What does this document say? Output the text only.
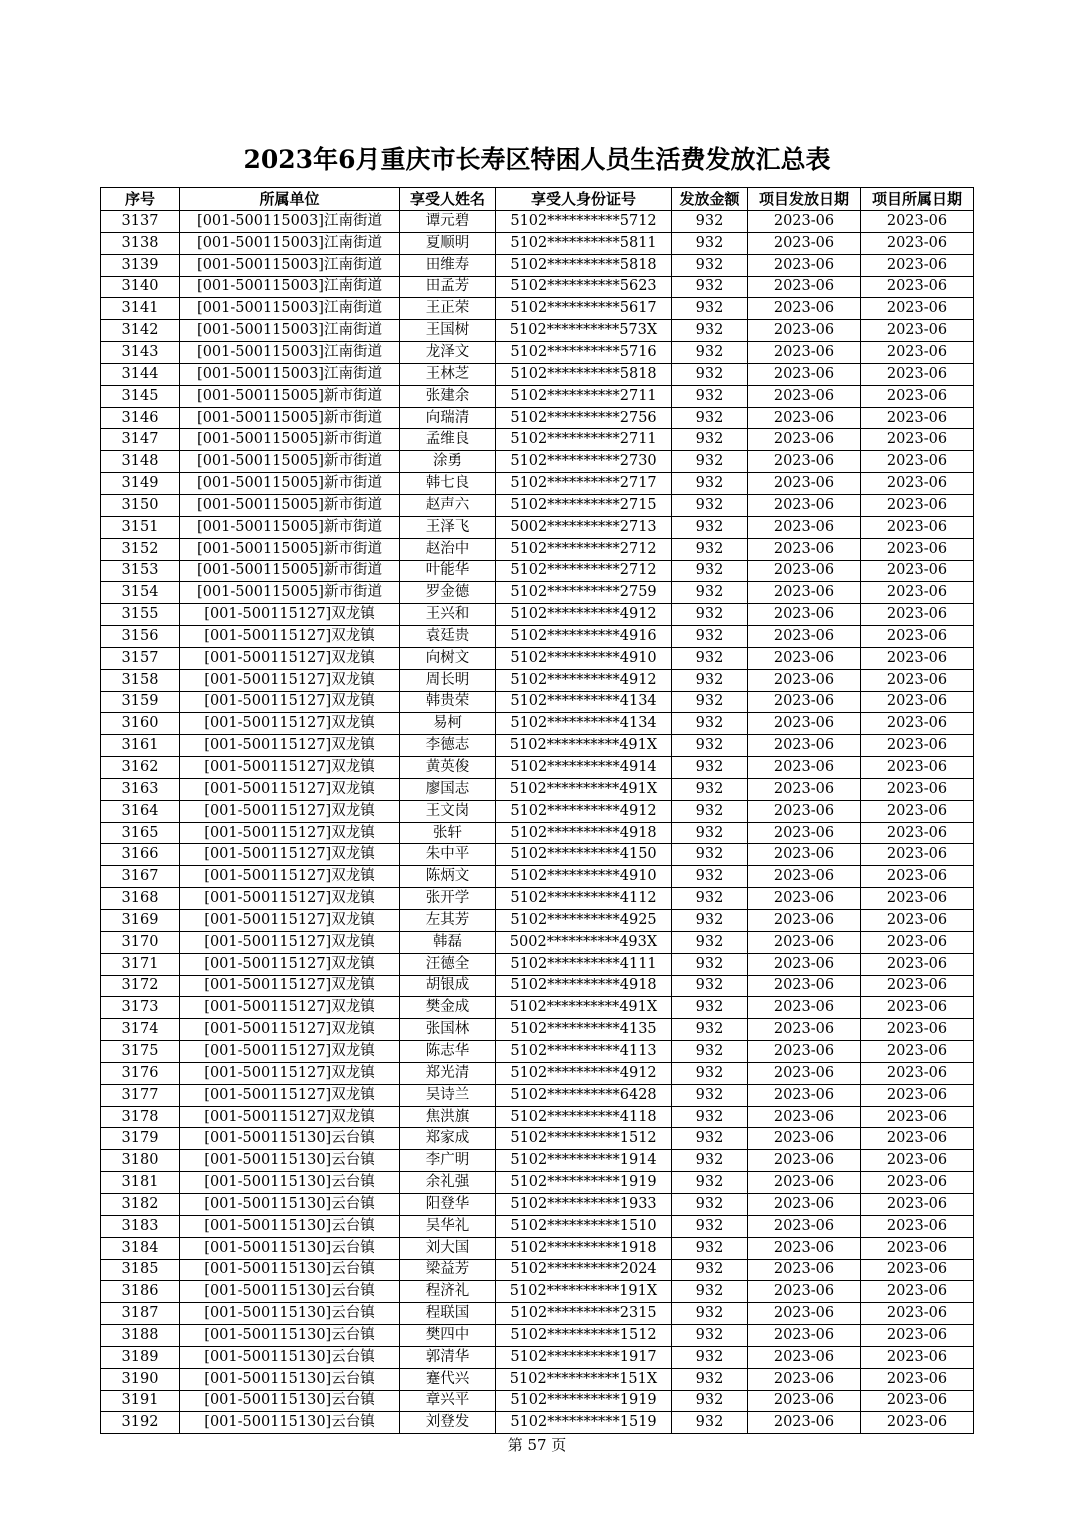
2023年6月重庆市长寿区特困人员生活费发放汇总表
序号	所属单位	享受人姓名	享受人身份证号	发放金额	项目发放日期	项目所属日期
3137	[001-500115003]江南街道	谭元碧	5102**********5712	932	2023-06	2023-06
3138	[001-500115003]江南街道	夏顺明	5102**********5811	932	2023-06	2023-06
3139	[001-500115003]江南街道	田维寿	5102**********5818	932	2023-06	2023-06
3140	[001-500115003]江南街道	田孟芳	5102**********5623	932	2023-06	2023-06
3141	[001-500115003]江南街道	王正荣	5102**********5617	932	2023-06	2023-06
3142	[001-500115003]江南街道	王国树	5102**********573X	932	2023-06	2023-06
3143	[001-500115003]江南街道	龙泽文	5102**********5716	932	2023-06	2023-06
3144	[001-500115003]江南街道	王林芝	5102**********5818	932	2023-06	2023-06
3145	[001-500115005]新市街道	张建余	5102**********2711	932	2023-06	2023-06
3146	[001-500115005]新市街道	向瑞清	5102**********2756	932	2023-06	2023-06
3147	[001-500115005]新市街道	孟维良	5102**********2711	932	2023-06	2023-06
3148	[001-500115005]新市街道	涂勇	5102**********2730	932	2023-06	2023-06
3149	[001-500115005]新市街道	韩七良	5102**********2717	932	2023-06	2023-06
3150	[001-500115005]新市街道	赵声六	5102**********2715	932	2023-06	2023-06
3151	[001-500115005]新市街道	王泽飞	5002**********2713	932	2023-06	2023-06
3152	[001-500115005]新市街道	赵治中	5102**********2712	932	2023-06	2023-06
3153	[001-500115005]新市街道	叶能华	5102**********2712	932	2023-06	2023-06
3154	[001-500115005]新市街道	罗金德	5102**********2759	932	2023-06	2023-06
3155	[001-500115127]双龙镇	王兴和	5102**********4912	932	2023-06	2023-06
3156	[001-500115127]双龙镇	袁廷贵	5102**********4916	932	2023-06	2023-06
3157	[001-500115127]双龙镇	向树文	5102**********4910	932	2023-06	2023-06
3158	[001-500115127]双龙镇	周长明	5102**********4912	932	2023-06	2023-06
3159	[001-500115127]双龙镇	韩贵荣	5102**********4134	932	2023-06	2023-06
3160	[001-500115127]双龙镇	易柯	5102**********4134	932	2023-06	2023-06
3161	[001-500115127]双龙镇	李德志	5102**********491X	932	2023-06	2023-06
3162	[001-500115127]双龙镇	黄英俊	5102**********4914	932	2023-06	2023-06
3163	[001-500115127]双龙镇	廖国志	5102**********491X	932	2023-06	2023-06
3164	[001-500115127]双龙镇	王文岗	5102**********4912	932	2023-06	2023-06
3165	[001-500115127]双龙镇	张轩	5102**********4918	932	2023-06	2023-06
3166	[001-500115127]双龙镇	朱中平	5102**********4150	932	2023-06	2023-06
3167	[001-500115127]双龙镇	陈炳文	5102**********4910	932	2023-06	2023-06
3168	[001-500115127]双龙镇	张开学	5102**********4112	932	2023-06	2023-06
3169	[001-500115127]双龙镇	左其芳	5102**********4925	932	2023-06	2023-06
3170	[001-500115127]双龙镇	韩磊	5002**********493X	932	2023-06	2023-06
3171	[001-500115127]双龙镇	汪德全	5102**********4111	932	2023-06	2023-06
3172	[001-500115127]双龙镇	胡银成	5102**********4918	932	2023-06	2023-06
3173	[001-500115127]双龙镇	樊金成	5102**********491X	932	2023-06	2023-06
3174	[001-500115127]双龙镇	张国林	5102**********4135	932	2023-06	2023-06
3175	[001-500115127]双龙镇	陈志华	5102**********4113	932	2023-06	2023-06
3176	[001-500115127]双龙镇	郑光清	5102**********4912	932	2023-06	2023-06
3177	[001-500115127]双龙镇	吴诗兰	5102**********6428	932	2023-06	2023-06
3178	[001-500115127]双龙镇	焦洪旗	5102**********4118	932	2023-06	2023-06
3179	[001-500115130]云台镇	郑家成	5102**********1512	932	2023-06	2023-06
3180	[001-500115130]云台镇	李广明	5102**********1914	932	2023-06	2023-06
3181	[001-500115130]云台镇	余礼强	5102**********1919	932	2023-06	2023-06
3182	[001-500115130]云台镇	阳登华	5102**********1933	932	2023-06	2023-06
3183	[001-500115130]云台镇	吴华礼	5102**********1510	932	2023-06	2023-06
3184	[001-500115130]云台镇	刘大国	5102**********1918	932	2023-06	2023-06
3185	[001-500115130]云台镇	梁益芳	5102**********2024	932	2023-06	2023-06
3186	[001-500115130]云台镇	程济礼	5102**********191X	932	2023-06	2023-06
3187	[001-500115130]云台镇	程联国	5102**********2315	932	2023-06	2023-06
3188	[001-500115130]云台镇	樊四中	5102**********1512	932	2023-06	2023-06
3189	[001-500115130]云台镇	郭清华	5102**********1917	932	2023-06	2023-06
3190	[001-500115130]云台镇	蹇代兴	5102**********151X	932	2023-06	2023-06
3191	[001-500115130]云台镇	章兴平	5102**********1919	932	2023-06	2023-06
3192	[001-500115130]云台镇	刘登发	5102**********1519	932	2023-06	2023-06
第 57 页
